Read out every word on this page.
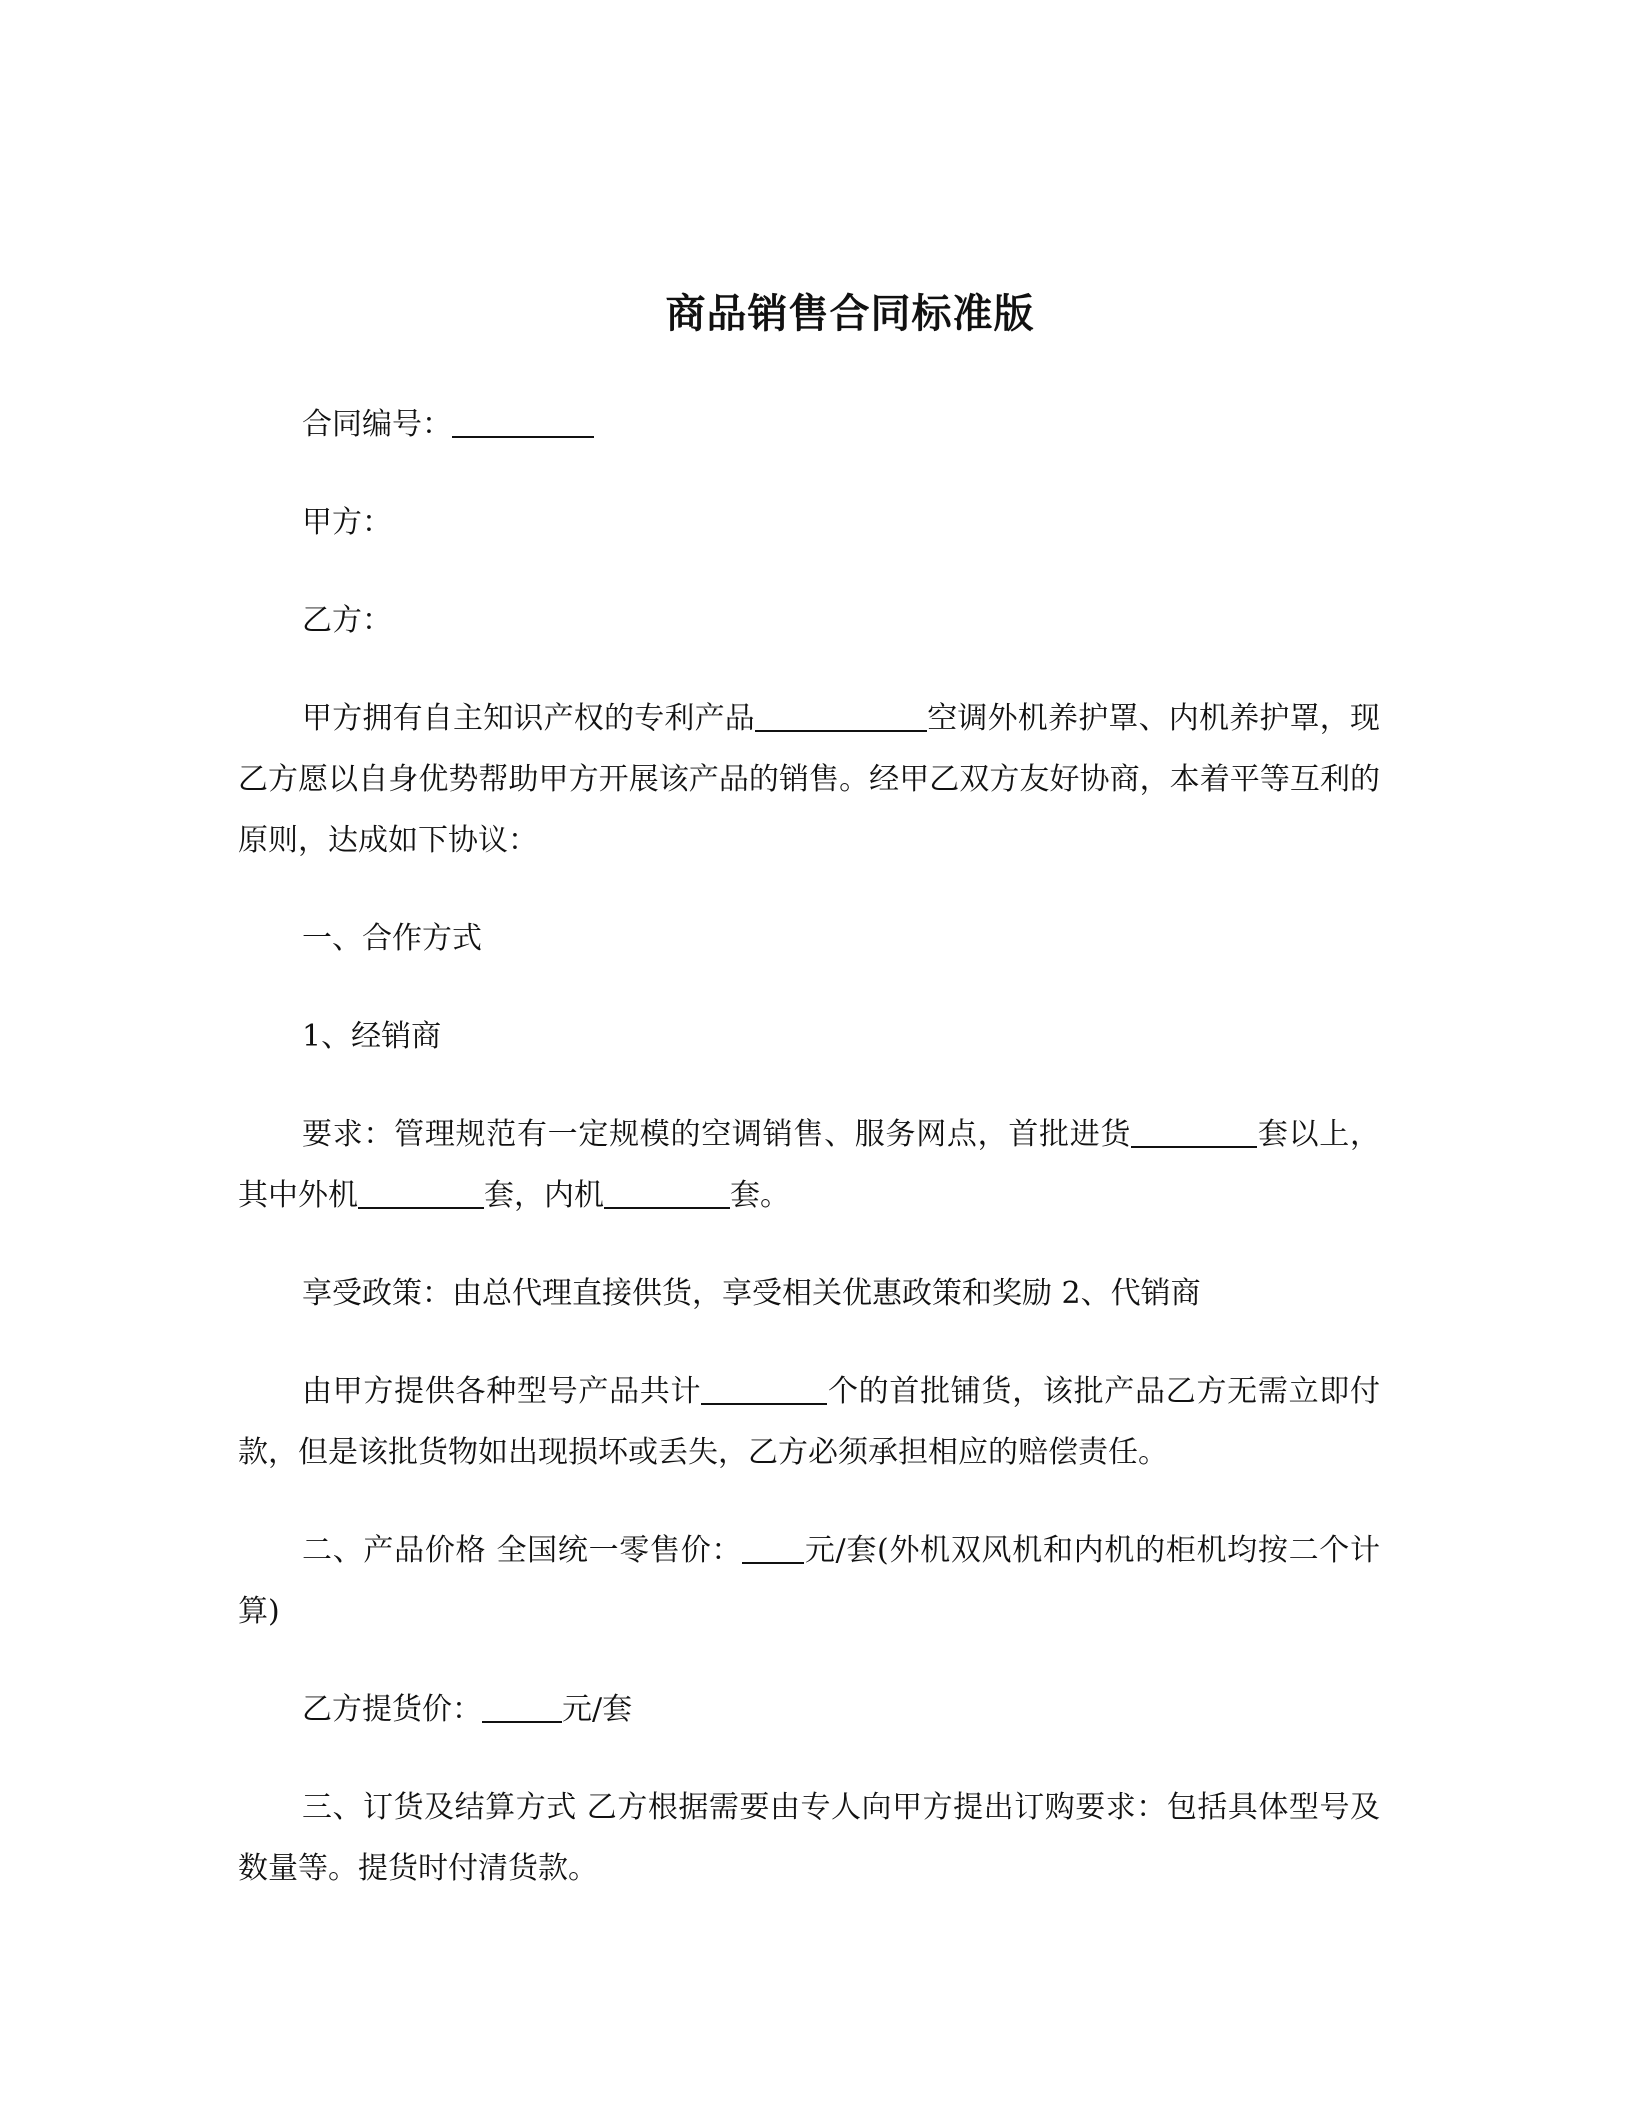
商品销售合同标准版

合同编号：

甲方：

乙方：

甲方拥有自主知识产权的专利产品	空调外机养护罩、内机养护罩，现乙方愿以自身优势帮助甲方开展该产品的销售。经甲乙双方友好协商，本着平等互利的原则，达成如下协议：

一、合作方式

1、经销商

要求：管理规范有一定规模的空调销售、服务网点，首批进货	套以上，其中外机	套，内机	套。

享受政策：由总代理直接供货，享受相关优惠政策和奖励 2、代销商

由甲方提供各种型号产品共计	个的首批铺货，该批产品乙方无需立即付款，但是该批货物如出现损坏或丢失，乙方必须承担相应的赔偿责任。

二、产品价格 全国统一零售价： 元/套(外机双风机和内机的柜机均按二个计算)

乙方提货价：	元/套

三、订货及结算方式 乙方根据需要由专人向甲方提出订购要求：包括具体型号及数量等。提货时付清货款。
